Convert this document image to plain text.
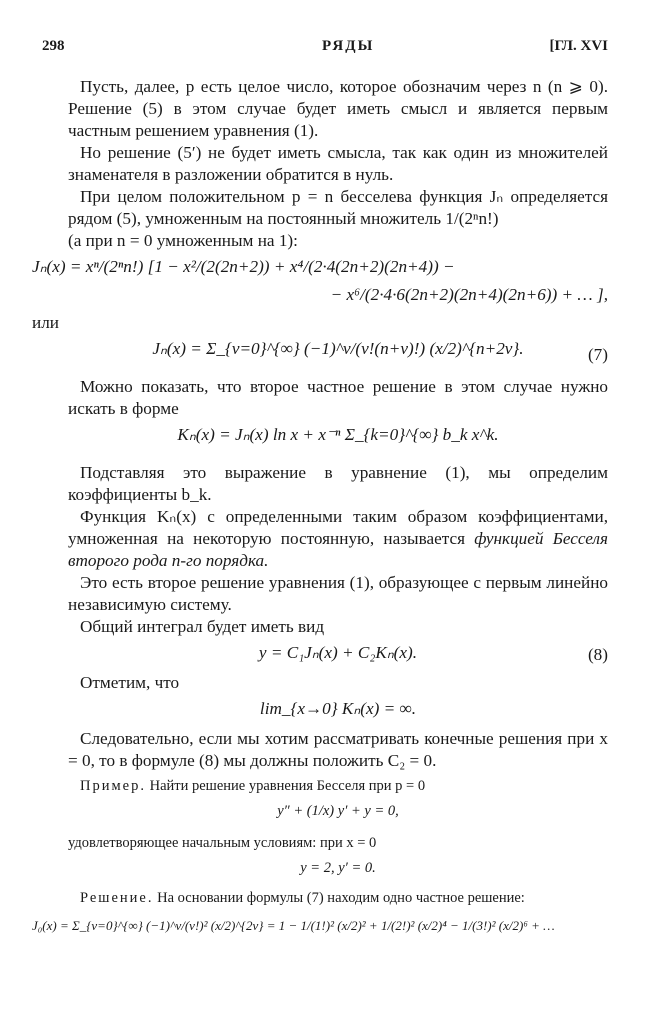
298	РЯДЫ	[ГЛ. XVI

Пусть, далее, p есть целое число, которое обозначим через n (n ⩾ 0). Решение (5) в этом случае будет иметь смысл и является первым частным решением уравнения (1).

Но решение (5′) не будет иметь смысла, так как один из множителей знаменателя в разложении обратится в нуль.

При целом положительном p = n бесселева функция Jₙ определяется рядом (5), умноженным на постоянный множитель 1/(2ⁿn!)

(а при n = 0 умноженным на 1):

Jₙ(x) = xⁿ/(2ⁿn!) [1 − x²/(2(2n+2)) + x⁴/(2·4(2n+2)(2n+4)) −
− x⁶/(2·4·6(2n+2)(2n+4)(2n+6)) + … ],

или

Jₙ(x) = Σ_{ν=0}^{∞} (−1)^ν/(ν!(n+ν)!) (x/2)^{n+2ν}.	(7)

Можно показать, что второе частное решение в этом случае нужно искать в форме

Kₙ(x) = Jₙ(x) ln x + x⁻ⁿ Σ_{k=0}^{∞} b_k x^k.

Подставляя это выражение в уравнение (1), мы определим коэффициенты b_k.

Функция Kₙ(x) с определенными таким образом коэффициентами, умноженная на некоторую постоянную, называется функцией Бесселя второго рода n-го порядка.

Это есть второе решение уравнения (1), образующее с первым линейно независимую систему.

Общий интеграл будет иметь вид

y = C₁Jₙ(x) + C₂Kₙ(x).	(8)

Отметим, что

lim_{x→0} Kₙ(x) = ∞.

Следовательно, если мы хотим рассматривать конечные решения при x = 0, то в формуле (8) мы должны положить C₂ = 0.

Пример. Найти решение уравнения Бесселя при p = 0

y″ + (1/x) y′ + y = 0,

удовлетворяющее начальным условиям: при x = 0

y = 2, y′ = 0.

Решение. На основании формулы (7) находим одно частное решение:

J₀(x) = Σ_{ν=0}^{∞} (−1)^ν/(ν!)² (x/2)^{2ν} = 1 − 1/(1!)² (x/2)² + 1/(2!)² (x/2)⁴ − 1/(3!)² (x/2)⁶ + …
